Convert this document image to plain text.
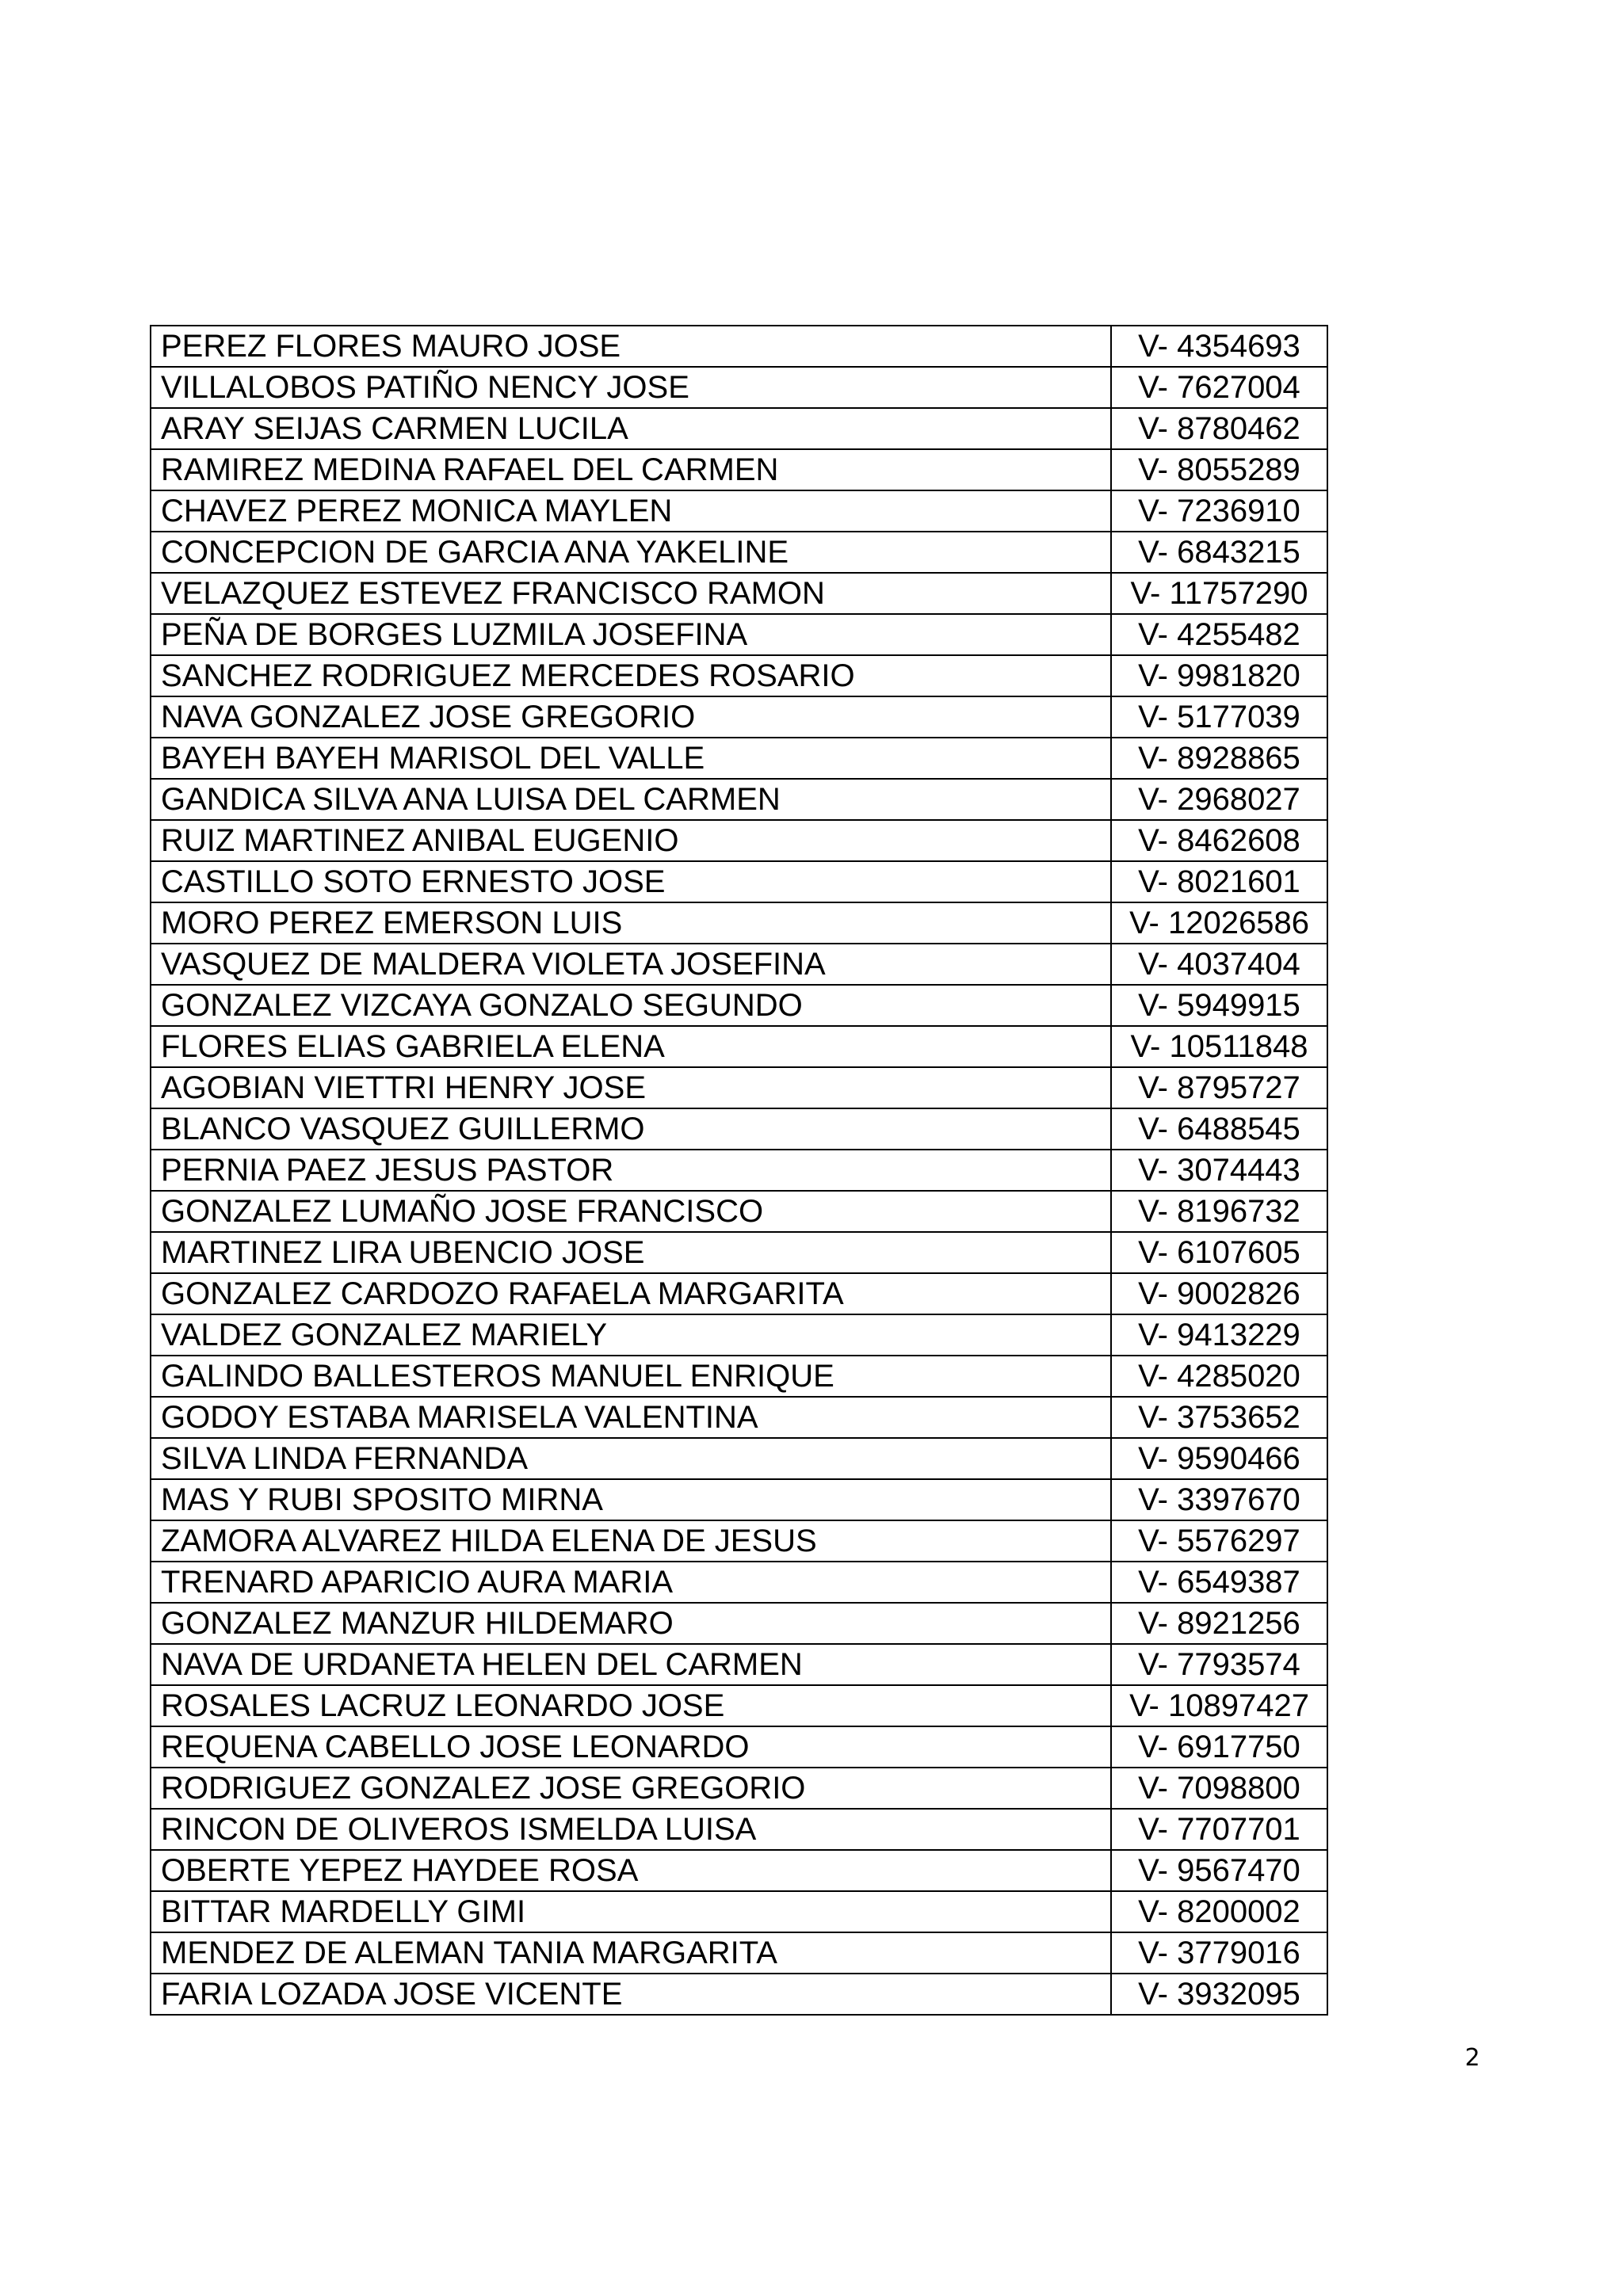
PEREZ FLORES MAURO JOSE	V- 4354693
VILLALOBOS PATIÑO NENCY JOSE	V- 7627004
ARAY SEIJAS CARMEN LUCILA	V- 8780462
RAMIREZ MEDINA RAFAEL DEL CARMEN	V- 8055289
CHAVEZ PEREZ MONICA MAYLEN	V- 7236910
CONCEPCION DE GARCIA ANA YAKELINE	V- 6843215
VELAZQUEZ ESTEVEZ FRANCISCO RAMON	V- 11757290
PEÑA DE BORGES LUZMILA JOSEFINA	V- 4255482
SANCHEZ RODRIGUEZ MERCEDES ROSARIO	V- 9981820
NAVA GONZALEZ JOSE GREGORIO	V- 5177039
BAYEH BAYEH MARISOL DEL VALLE	V- 8928865
GANDICA SILVA ANA LUISA DEL CARMEN	V- 2968027
RUIZ MARTINEZ ANIBAL EUGENIO	V- 8462608
CASTILLO SOTO ERNESTO JOSE	V- 8021601
MORO PEREZ EMERSON LUIS	V- 12026586
VASQUEZ DE MALDERA VIOLETA JOSEFINA	V- 4037404
GONZALEZ VIZCAYA GONZALO SEGUNDO	V- 5949915
FLORES ELIAS GABRIELA ELENA	V- 10511848
AGOBIAN VIETTRI HENRY JOSE	V- 8795727
BLANCO VASQUEZ GUILLERMO	V- 6488545
PERNIA PAEZ JESUS PASTOR	V- 3074443
GONZALEZ LUMAÑO JOSE FRANCISCO	V- 8196732
MARTINEZ LIRA UBENCIO JOSE	V- 6107605
GONZALEZ CARDOZO RAFAELA MARGARITA	V- 9002826
VALDEZ GONZALEZ MARIELY	V- 9413229
GALINDO BALLESTEROS MANUEL ENRIQUE	V- 4285020
GODOY ESTABA MARISELA VALENTINA	V- 3753652
SILVA LINDA FERNANDA	V- 9590466
MAS Y RUBI SPOSITO MIRNA	V- 3397670
ZAMORA ALVAREZ HILDA ELENA DE JESUS	V- 5576297
TRENARD APARICIO AURA MARIA	V- 6549387
GONZALEZ MANZUR HILDEMARO	V- 8921256
NAVA DE URDANETA HELEN DEL CARMEN	V- 7793574
ROSALES LACRUZ LEONARDO JOSE	V- 10897427
REQUENA CABELLO JOSE LEONARDO	V- 6917750
RODRIGUEZ GONZALEZ JOSE GREGORIO	V- 7098800
RINCON DE OLIVEROS ISMELDA LUISA	V- 7707701
OBERTE YEPEZ HAYDEE ROSA	V- 9567470
BITTAR MARDELLY GIMI	V- 8200002
MENDEZ DE ALEMAN TANIA MARGARITA	V- 3779016
FARIA LOZADA JOSE VICENTE	V- 3932095
2
